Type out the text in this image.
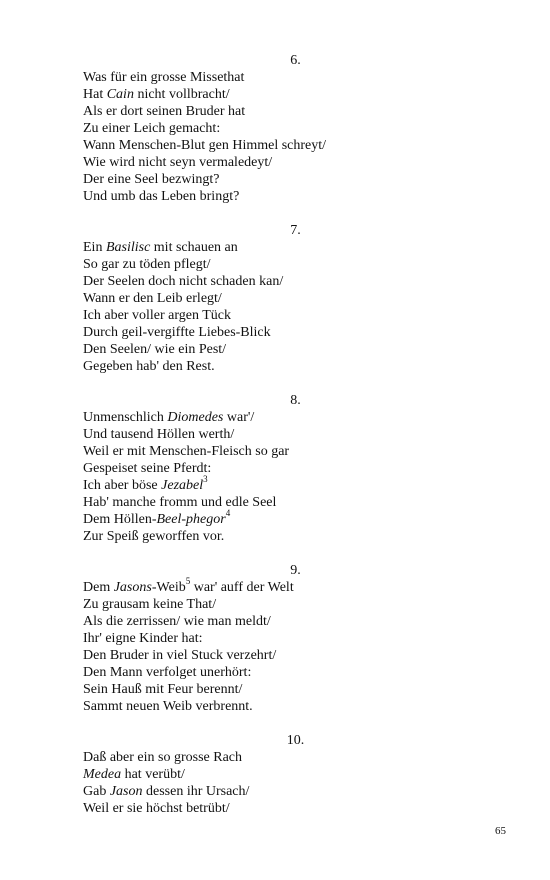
6.
Was für ein grosse Missethat
Hat Cain nicht vollbracht/
Als er dort seinen Bruder hat
Zu einer Leich gemacht:
Wann Menschen-Blut gen Himmel schreyt/
Wie wird nicht seyn vermaledeyt/
Der eine Seel bezwingt?
Und umb das Leben bringt?
7.
Ein Basilisc mit schauen an
So gar zu töden pflegt/
Der Seelen doch nicht schaden kan/
Wann er den Leib erlegt/
Ich aber voller argen Tück
Durch geil-vergiffte Liebes-Blick
Den Seelen/ wie ein Pest/
Gegeben hab' den Rest.
8.
Unmenschlich Diomedes war'/
Und tausend Höllen werth/
Weil er mit Menschen-Fleisch so gar
Gespeiset seine Pferdt:
Ich aber böse Jezabel$^3$
Hab' manche fromm und edle Seel
Dem Höllen-Beel-phegor$^4$
Zur Speiß geworffen vor.
9.
Dem Jasons-Weib$^5$ war' auff der Welt
Zu grausam keine That/
Als die zerrissen/ wie man meldt/
Ihr' eigne Kinder hat:
Den Bruder in viel Stuck verzehrt/
Den Mann verfolget unerhört:
Sein Hauß mit Feur berennt/
Sammt neuen Weib verbrennt.
10.
Daß aber ein so grosse Rach
Medea hat verübt/
Gab Jason dessen ihr Ursach/
Weil er sie höchst betrübt/
65
